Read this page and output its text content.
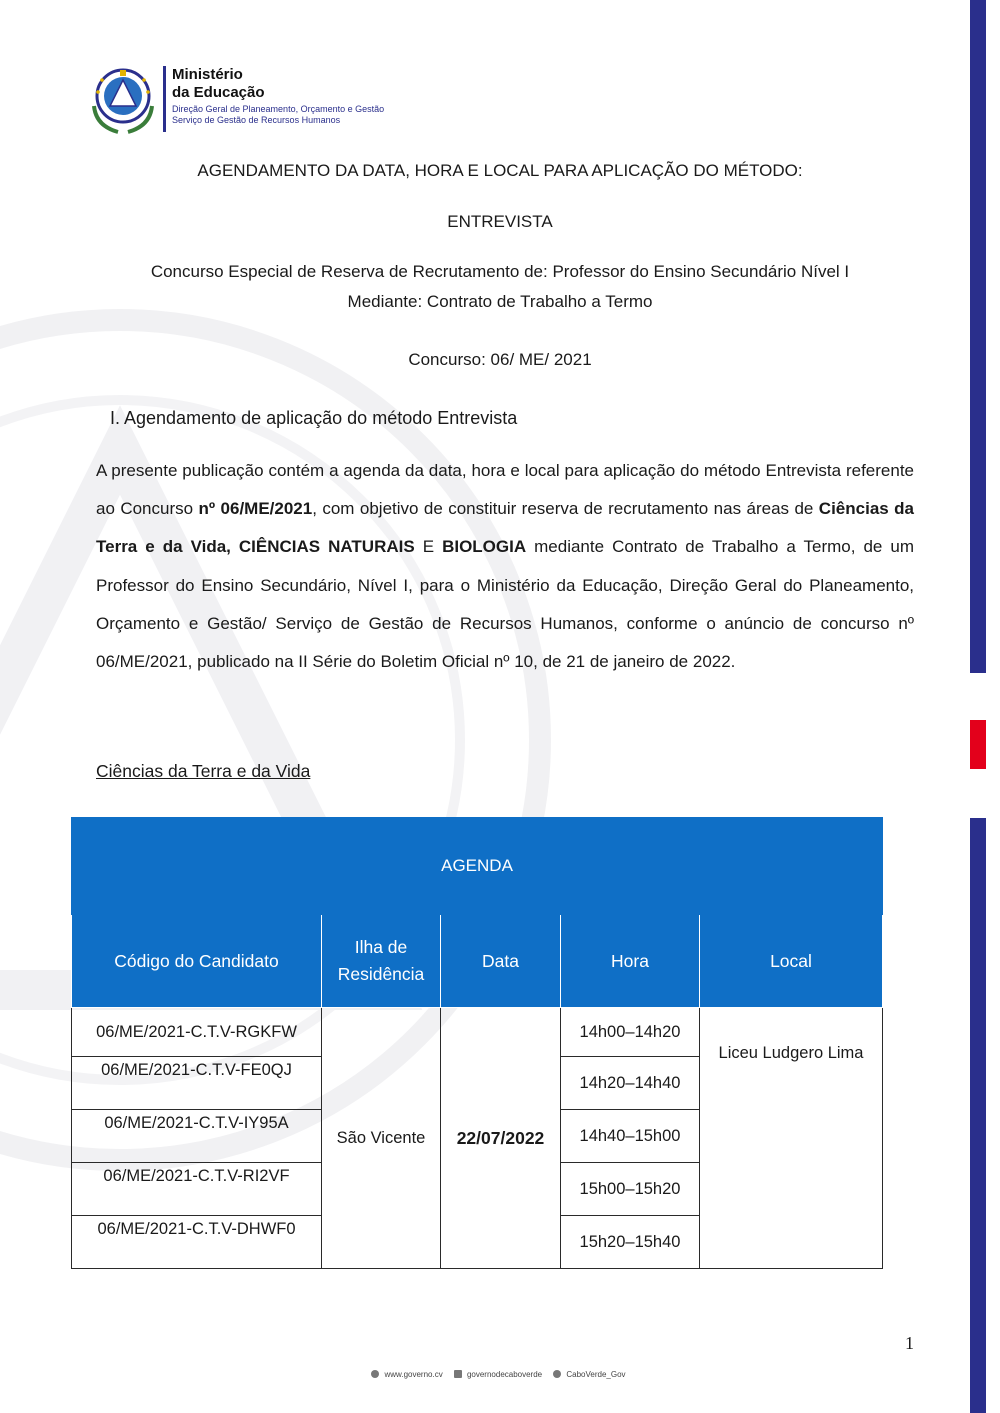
Ministério
da Educação
Direção Geral de Planeamento, Orçamento e Gestão
Serviço de Gestão de Recursos Humanos
AGENDAMENTO DA DATA, HORA E LOCAL PARA APLICAÇÃO DO MÉTODO:
ENTREVISTA
Concurso Especial de Reserva de Recrutamento de: Professor do Ensino Secundário Nível I
Mediante: Contrato de Trabalho a Termo
Concurso: 06/ ME/ 2021
I. Agendamento de aplicação do método Entrevista
A presente publicação contém a agenda da data, hora e local para aplicação do método Entrevista referente ao Concurso nº 06/ME/2021, com objetivo de constituir reserva de recrutamento nas áreas de Ciências da Terra e da Vida, CIÊNCIAS NATURAIS E BIOLOGIA mediante Contrato de Trabalho a Termo, de um Professor do Ensino Secundário, Nível I, para o Ministério da Educação, Direção Geral do Planeamento, Orçamento e Gestão/ Serviço de Gestão de Recursos Humanos, conforme o anúncio de concurso nº 06/ME/2021, publicado na II Série do Boletim Oficial nº 10, de 21 de janeiro de 2022.
Ciências da Terra e da Vida
AGENDA				
Código do Candidato	Ilha de Residência	Data	Hora	Local
06/ME/2021-C.T.V-RGKFW	São Vicente	22/07/2022	14h00–14h20	Liceu Ludgero Lima
06/ME/2021-C.T.V-FE0QJ			14h20–14h40	
06/ME/2021-C.T.V-IY95A			14h40–15h00	
06/ME/2021-C.T.V-RI2VF			15h00–15h20	
06/ME/2021-C.T.V-DHWF0			15h20–15h40	
1
www.governo.cv	governodecaboverde	CaboVerde_Gov
